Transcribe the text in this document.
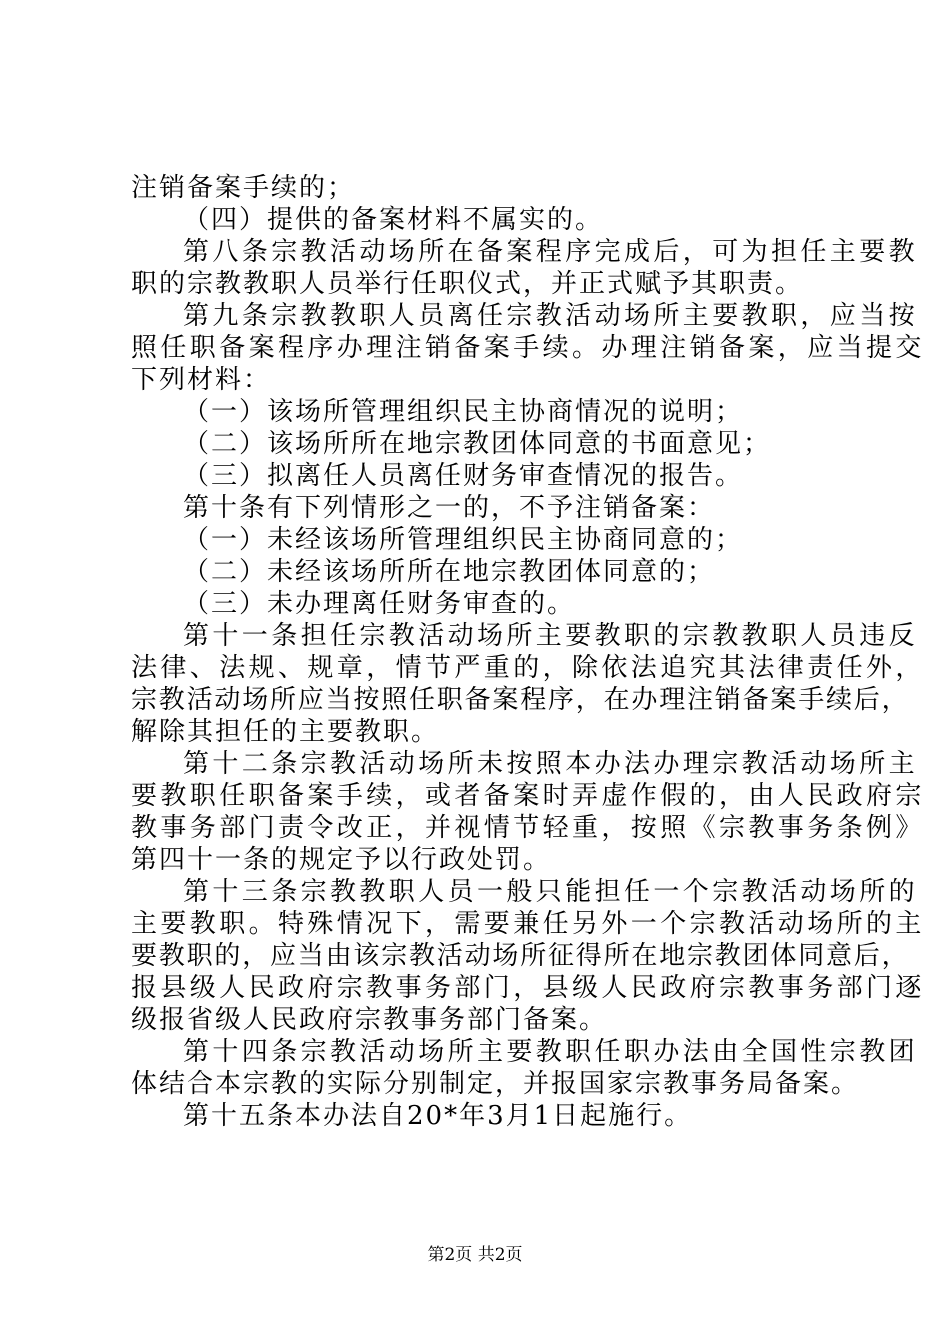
注销备案手续的；
（四）提供的备案材料不属实的。
第八条宗教活动场所在备案程序完成后，可为担任主要教
职的宗教教职人员举行任职仪式，并正式赋予其职责。
第九条宗教教职人员离任宗教活动场所主要教职，应当按
照任职备案程序办理注销备案手续。办理注销备案，应当提交
下列材料：
（一）该场所管理组织民主协商情况的说明；
（二）该场所所在地宗教团体同意的书面意见；
（三）拟离任人员离任财务审查情况的报告。
第十条有下列情形之一的，不予注销备案：
（一）未经该场所管理组织民主协商同意的；
（二）未经该场所所在地宗教团体同意的；
（三）未办理离任财务审查的。
第十一条担任宗教活动场所主要教职的宗教教职人员违反
法律、法规、规章，情节严重的，除依法追究其法律责任外，
宗教活动场所应当按照任职备案程序，在办理注销备案手续后，
解除其担任的主要教职。
第十二条宗教活动场所未按照本办法办理宗教活动场所主
要教职任职备案手续，或者备案时弄虚作假的，由人民政府宗
教事务部门责令改正，并视情节轻重，按照《宗教事务条例》
第四十一条的规定予以行政处罚。
第十三条宗教教职人员一般只能担任一个宗教活动场所的
主要教职。特殊情况下，需要兼任另外一个宗教活动场所的主
要教职的，应当由该宗教活动场所征得所在地宗教团体同意后，
报县级人民政府宗教事务部门，县级人民政府宗教事务部门逐
级报省级人民政府宗教事务部门备案。
第十四条宗教活动场所主要教职任职办法由全国性宗教团
体结合本宗教的实际分别制定，并报国家宗教事务局备案。
第十五条本办法自20*年3月1日起施行。
第2页 共2页
